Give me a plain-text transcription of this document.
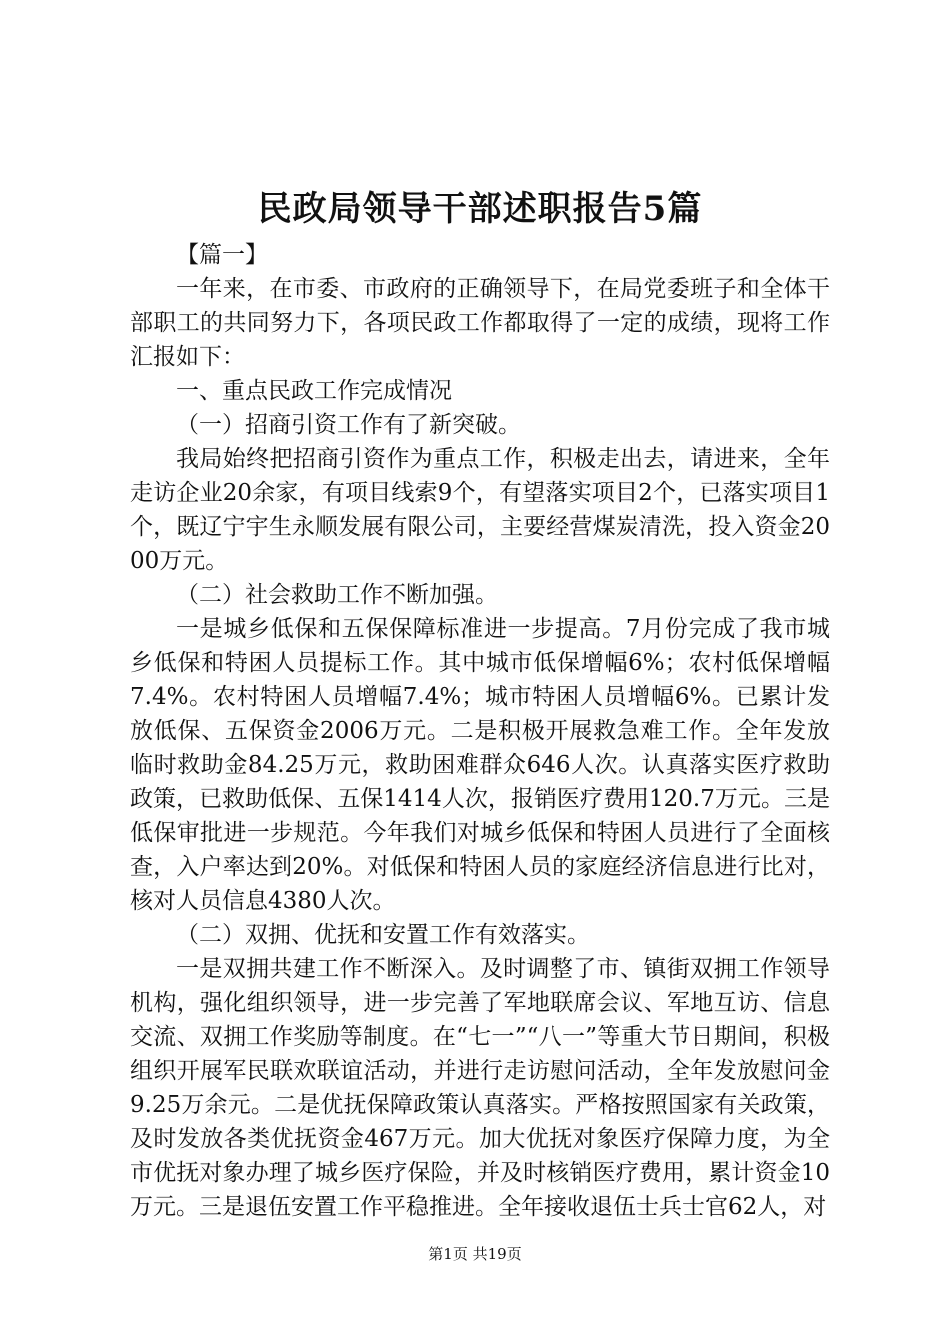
民政局领导干部述职报告5篇

【篇一】

一年来，在市委、市政府的正确领导下，在局党委班子和全体干部职工的共同努力下，各项民政工作都取得了一定的成绩，现将工作汇报如下：

一、重点民政工作完成情况

（一）招商引资工作有了新突破。

我局始终把招商引资作为重点工作，积极走出去，请进来，全年走访企业20余家，有项目线索9个，有望落实项目2个，已落实项目1个，既辽宁宇生永顺发展有限公司，主要经营煤炭清洗，投入资金2000万元。

（二）社会救助工作不断加强。

一是城乡低保和五保保障标准进一步提高。7月份完成了我市城乡低保和特困人员提标工作。其中城市低保增幅6%；农村低保增幅7.4%。农村特困人员增幅7.4%；城市特困人员增幅6%。已累计发放低保、五保资金2006万元。二是积极开展救急难工作。全年发放临时救助金84.25万元，救助困难群众646人次。认真落实医疗救助政策，已救助低保、五保1414人次，报销医疗费用120.7万元。三是低保审批进一步规范。今年我们对城乡低保和特困人员进行了全面核查，入户率达到20%。对低保和特困人员的家庭经济信息进行比对，核对人员信息4380人次。

（二）双拥、优抚和安置工作有效落实。

一是双拥共建工作不断深入。及时调整了市、镇街双拥工作领导机构，强化组织领导，进一步完善了军地联席会议、军地互访、信息交流、双拥工作奖励等制度。在“七一”“八一”等重大节日期间，积极组织开展军民联欢联谊活动，并进行走访慰问活动，全年发放慰问金9.25万余元。二是优抚保障政策认真落实。严格按照国家有关政策，及时发放各类优抚资金467万元。加大优抚对象医疗保障力度，为全市优抚对象办理了城乡医疗保险，并及时核销医疗费用，累计资金10万元。三是退伍安置工作平稳推进。全年接收退伍士兵士官62人，对

第1页 共19页
